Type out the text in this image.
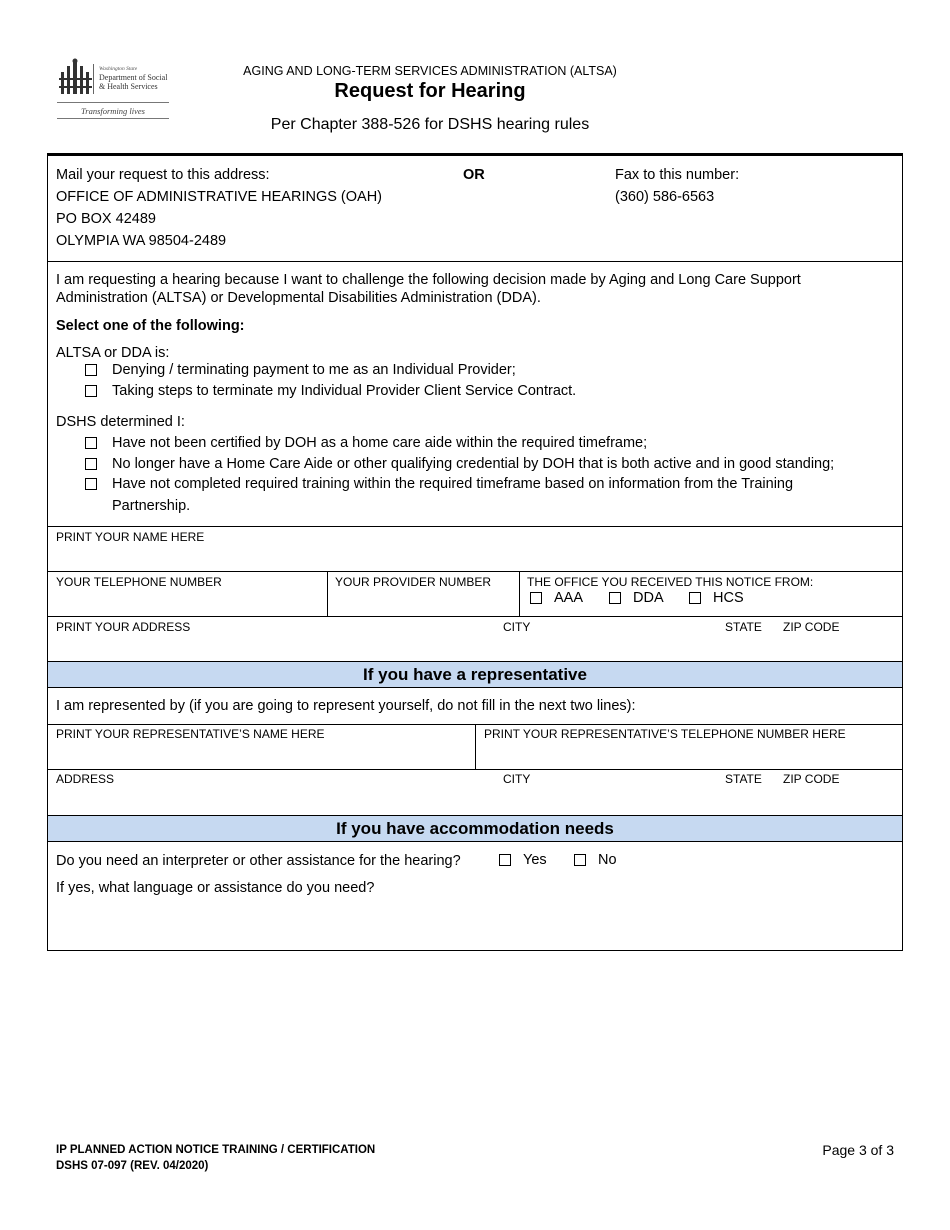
Washington State
Department of Social
& Health Services
Transforming lives
AGING AND LONG-TERM SERVICES ADMINISTRATION (ALTSA)
Request for Hearing
Per Chapter 388-526 for DSHS hearing rules
Mail your request to this address:
OFFICE OF ADMINISTRATIVE HEARINGS (OAH)
PO BOX 42489
OLYMPIA WA 98504-2489
OR	Fax to this number:
(360) 586-6563
I am requesting a hearing because I want to challenge the following decision made by Aging and Long Care Support Administration (ALTSA) or Developmental Disabilities Administration (DDA).
Select one of the following:
ALTSA or DDA is:
Denying / terminating payment to me as an Individual Provider;
Taking steps to terminate my Individual Provider Client Service Contract.
DSHS determined I:
Have not been certified by DOH as a home care aide within the required timeframe;
No longer have a Home Care Aide or other qualifying credential by DOH that is both active and in good standing;
Have not completed required training within the required timeframe based on information from the Training
Partnership.
PRINT YOUR NAME HERE
YOUR TELEPHONE NUMBER	YOUR PROVIDER NUMBER	THE OFFICE YOU RECEIVED THIS NOTICE FROM:
AAA	DDA	HCS
PRINT YOUR ADDRESS	CITY	STATE ZIP CODE
If you have a representative
I am represented by (if you are going to represent yourself, do not fill in the next two lines):
PRINT YOUR REPRESENTATIVE’S NAME HERE	PRINT YOUR REPRESENTATIVE’S TELEPHONE NUMBER HERE
ADDRESS	CITY	STATE ZIP CODE
If you have accommodation needs
Do you need an interpreter or other assistance for the hearing?	Yes	No
If yes, what language or assistance do you need?
IP PLANNED ACTION NOTICE TRAINING / CERTIFICATION
DSHS 07-097 (REV. 04/2020)
Page 3 of 3
